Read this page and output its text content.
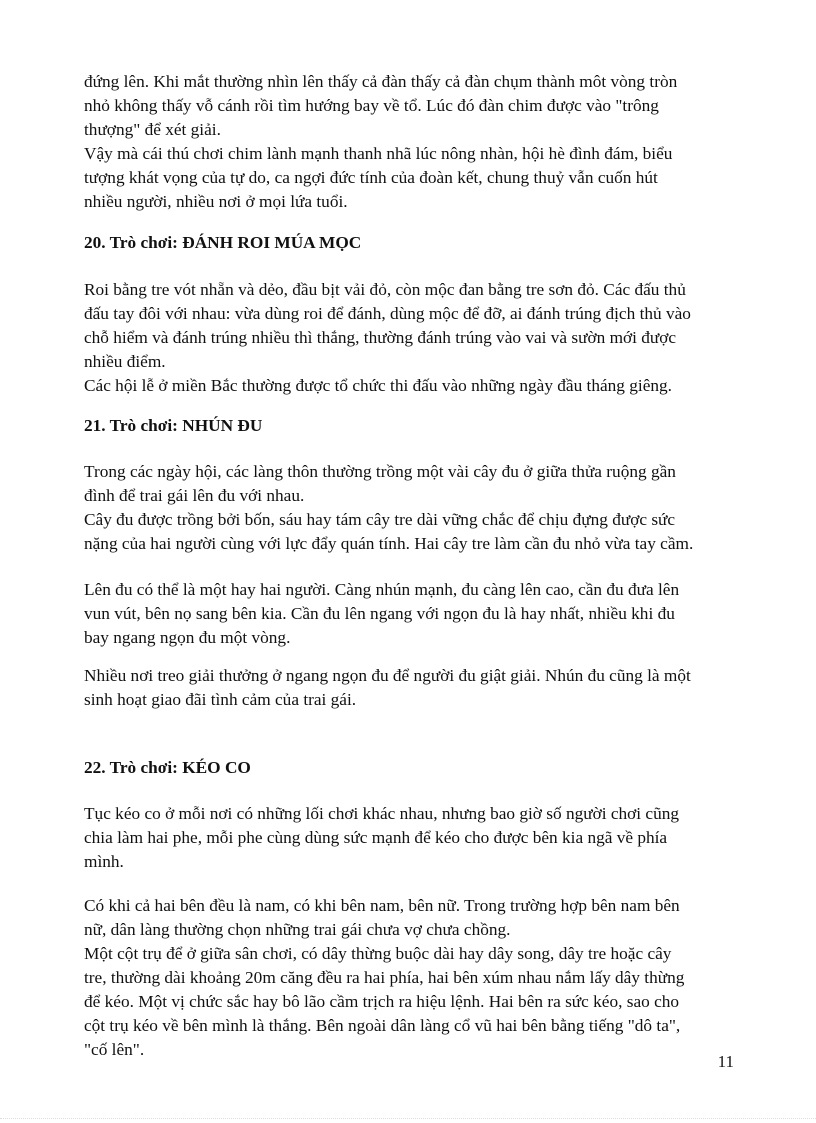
đứng lên. Khi mắt thường nhìn lên thấy cả đàn thấy cả đàn chụm thành môt vòng tròn
nhỏ không thấy vỗ cánh rồi tìm hướng bay về tổ. Lúc đó đàn chim được vào "trông
thượng" để xét giải.
Vậy mà cái thú chơi chim lành mạnh thanh nhã lúc nông nhàn, hội hè đình đám, biểu
tượng khát vọng của tự do, ca ngợi đức tính của đoàn kết, chung thuỷ vẫn cuốn hút
nhiều người, nhiều nơi ở mọi lứa tuổi.
20. Trò chơi: ĐÁNH ROI MÚA MỌC
Roi bằng tre vót nhẵn và dẻo, đầu bịt vải đỏ, còn mộc đan bằng tre sơn đỏ. Các đấu thủ
đấu tay đôi với nhau: vừa dùng roi để đánh, dùng mộc để đỡ, ai đánh trúng địch thủ vào
chỗ hiểm và đánh trúng nhiều thì thắng, thường đánh trúng vào vai và sườn mới được
nhiều điểm.
Các hội lễ ở miền Bắc thường được tổ chức thi đấu vào những ngày đầu tháng giêng.
21. Trò chơi: NHÚN ĐU
Trong các ngày hội, các làng thôn thường trồng một vài cây đu ở giữa thửa ruộng gần
đình để trai gái lên đu với nhau.
Cây đu được trồng bởi bốn, sáu hay tám cây tre dài vững chắc để chịu đựng được sức
nặng của hai người cùng với lực đẩy quán tính. Hai cây tre làm cần đu nhỏ vừa tay cầm.
Lên đu có thể là một hay hai người. Càng nhún mạnh, đu càng lên cao, cần đu đưa lên
vun vút, bên nọ sang bên kia. Cần đu lên ngang với ngọn đu là hay nhất, nhiều khi đu
bay ngang ngọn đu một vòng.
Nhiều nơi treo giải thưởng ở ngang ngọn đu để người đu giật giải. Nhún đu cũng là một
sinh hoạt giao đãi tình cảm của trai gái.
22. Trò chơi: KÉO CO
Tục kéo co ở mỗi nơi có những lối chơi khác nhau, nhưng bao giờ số người chơi cũng
chia làm hai phe, mỗi phe cùng dùng sức mạnh để kéo cho được bên kia ngã về phía
mình.
Có khi cả hai bên đều là nam, có khi bên nam, bên nữ. Trong trường hợp bên nam bên
nữ, dân làng thường chọn những trai gái chưa vợ chưa chồng.
Một cột trụ để ở giữa sân chơi, có dây thừng buộc dài hay dây song, dây tre hoặc cây
tre, thường dài khoảng 20m căng đều ra hai phía, hai bên xúm nhau nắm lấy dây thừng
để kéo. Một vị chức sắc hay bô lão cầm trịch ra hiệu lệnh. Hai bên ra sức kéo, sao cho
cột trụ kéo về bên mình là thắng. Bên ngoài dân làng cổ vũ hai bên bằng tiếng "dô ta",
"cố lên".
11
